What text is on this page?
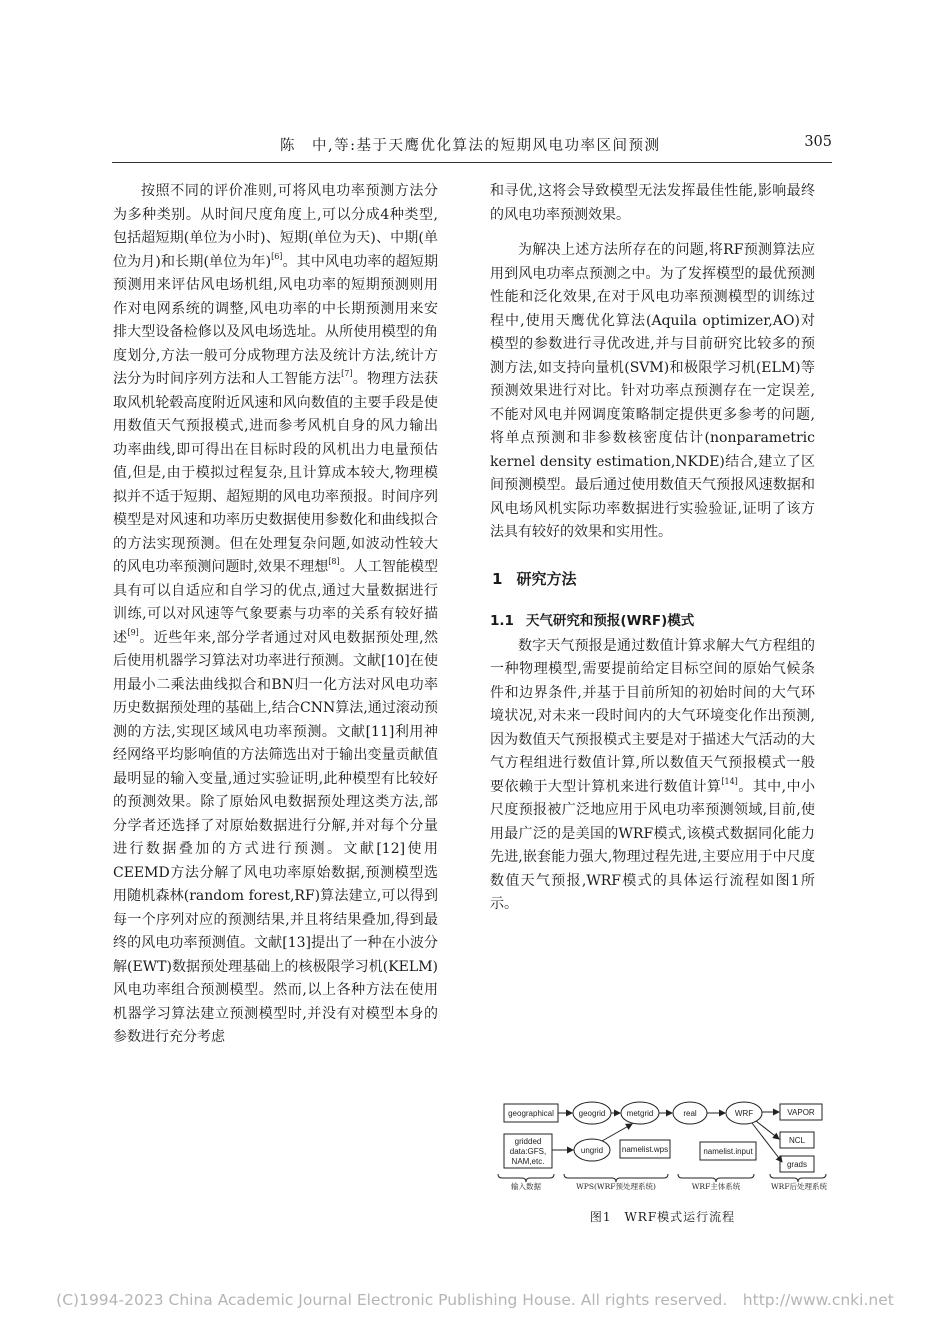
陈　中,等:基于天鹰优化算法的短期风电功率区间预测	305

按照不同的评价准则,可将风电功率预测方法分为多种类别。从时间尺度角度上,可以分成4种类型,包括超短期(单位为小时)、短期(单位为天)、中期(单位为月)和长期(单位为年)[6]。其中风电功率的超短期预测用来评估风电场机组,风电功率的短期预测则用作对电网系统的调整,风电功率的中长期预测用来安排大型设备检修以及风电场选址。从所使用模型的角度划分,方法一般可分成物理方法及统计方法,统计方法分为时间序列方法和人工智能方法[7]。物理方法获取风机轮毂高度附近风速和风向数值的主要手段是使用数值天气预报模式,进而参考风机自身的风力输出功率曲线,即可得出在目标时段的风机出力电量预估值,但是,由于模拟过程复杂,且计算成本较大,物理模拟并不适于短期、超短期的风电功率预报。时间序列模型是对风速和功率历史数据使用参数化和曲线拟合的方法实现预测。但在处理复杂问题,如波动性较大的风电功率预测问题时,效果不理想[8]。人工智能模型具有可以自适应和自学习的优点,通过大量数据进行训练,可以对风速等气象要素与功率的关系有较好描述[9]。近些年来,部分学者通过对风电数据预处理,然后使用机器学习算法对功率进行预测。文献[10]在使用最小二乘法曲线拟合和BN归一化方法对风电功率历史数据预处理的基础上,结合CNN算法,通过滚动预测的方法,实现区域风电功率预测。文献[11]利用神经网络平均影响值的方法筛选出对于输出变量贡献值最明显的输入变量,通过实验证明,此种模型有比较好的预测效果。除了原始风电数据预处理这类方法,部分学者还选择了对原始数据进行分解,并对每个分量进行数据叠加的方式进行预测。文献[12]使用CEEMD方法分解了风电功率原始数据,预测模型选用随机森林(random forest,RF)算法建立,可以得到每一个序列对应的预测结果,并且将结果叠加,得到最终的风电功率预测值。文献[13]提出了一种在小波分解(EWT)数据预处理基础上的核极限学习机(KELM)风电功率组合预测模型。然而,以上各种方法在使用机器学习算法建立预测模型时,并没有对模型本身的参数进行充分考虑

和寻优,这将会导致模型无法发挥最佳性能,影响最终的风电功率预测效果。

为解决上述方法所存在的问题,将RF预测算法应用到风电功率点预测之中。为了发挥模型的最优预测性能和泛化效果,在对于风电功率预测模型的训练过程中,使用天鹰优化算法(Aquila optimizer,AO)对模型的参数进行寻优改进,并与目前研究比较多的预测方法,如支持向量机(SVM)和极限学习机(ELM)等预测效果进行对比。针对功率点预测存在一定误差,不能对风电并网调度策略制定提供更多参考的问题,将单点预测和非参数核密度估计(nonparametric kernel density estimation,NKDE)结合,建立了区间预测模型。最后通过使用数值天气预报风速数据和风电场风机实际功率数据进行实验验证,证明了该方法具有较好的效果和实用性。

1 研究方法
1.1 天气研究和预报(WRF)模式

数字天气预报是通过数值计算求解大气方程组的一种物理模型,需要提前给定目标空间的原始气候条件和边界条件,并基于目前所知的初始时间的大气环境状况,对未来一段时间内的大气环境变化作出预测,因为数值天气预报模式主要是对于描述大气活动的大气方程组进行数值计算,所以数值天气预报模式一般要依赖于大型计算机来进行数值计算[14]。其中,中小尺度预报被广泛地应用于风电功率预测领域,目前,使用最广泛的是美国的WRF模式,该模式数据同化能力先进,嵌套能力强大,物理过程先进,主要应用于中尺度数值天气预报,WRF模式的具体运行流程如图1所示。

geographical	geogrid	metgrid	real	WRF	VAPOR
NCL
grads
gridded
data:GFS,
NAM,etc.
ungrid namelist.wps	namelist.input
输入数据	WPS(WRF预处理系统)	WRF主体系统	WRF后处理系统
图1　WRF模式运行流程
(C)1994-2023 China Academic Journal Electronic Publishing House. All rights reserved.　http://www.cnki.net
